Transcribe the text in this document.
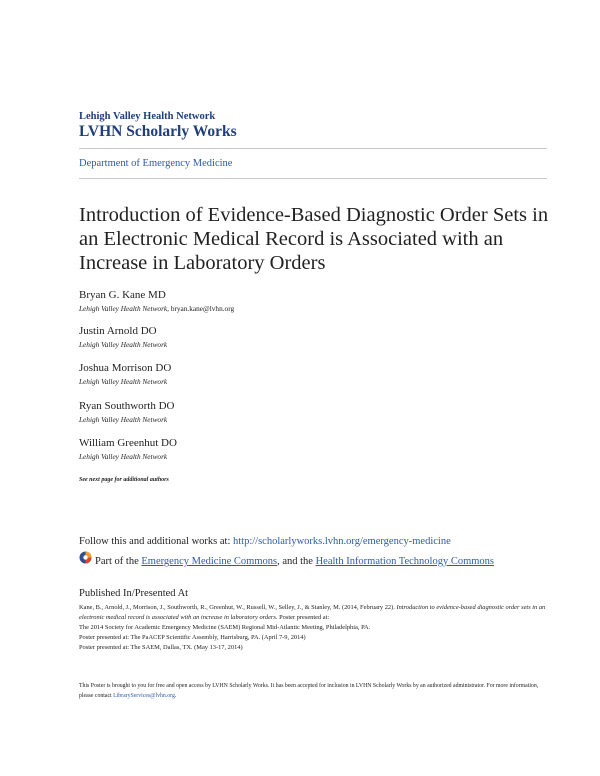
Lehigh Valley Health Network
LVHN Scholarly Works
Department of Emergency Medicine
Introduction of Evidence-Based Diagnostic Order Sets in an Electronic Medical Record is Associated with an Increase in Laboratory Orders
Bryan G. Kane MD
Lehigh Valley Health Network, bryan.kane@lvhn.org
Justin Arnold DO
Lehigh Valley Health Network
Joshua Morrison DO
Lehigh Valley Health Network
Ryan Southworth DO
Lehigh Valley Health Network
William Greenhut DO
Lehigh Valley Health Network
See next page for additional authors
Follow this and additional works at: http://scholarlyworks.lvhn.org/emergency-medicine
Part of the Emergency Medicine Commons, and the Health Information Technology Commons
Published In/Presented At

Kane, B., Arnold, J., Morrison, J., Southworth, R., Greenhut, W., Russell, W., Selley, J., & Stanley, M. (2014, February 22). Introduction to evidence-based diagnostic order sets in an electronic medical record is associated with an increase in laboratory orders. Poster presented at:

The 2014 Society for Academic Emergency Medicine (SAEM) Regional Mid-Atlantic Meeting, Philadelphia, PA.

Poster presented at: The PaACEP Scientific Assembly, Harrisburg, PA. (April 7-9, 2014)

Poster presented at: The SAEM, Dallas, TX. (May 13-17, 2014)

This Poster is brought to you for free and open access by LVHN Scholarly Works. It has been accepted for inclusion in LVHN Scholarly Works by an authorized administrator. For more information, please contact LibraryServices@lvhn.org.
